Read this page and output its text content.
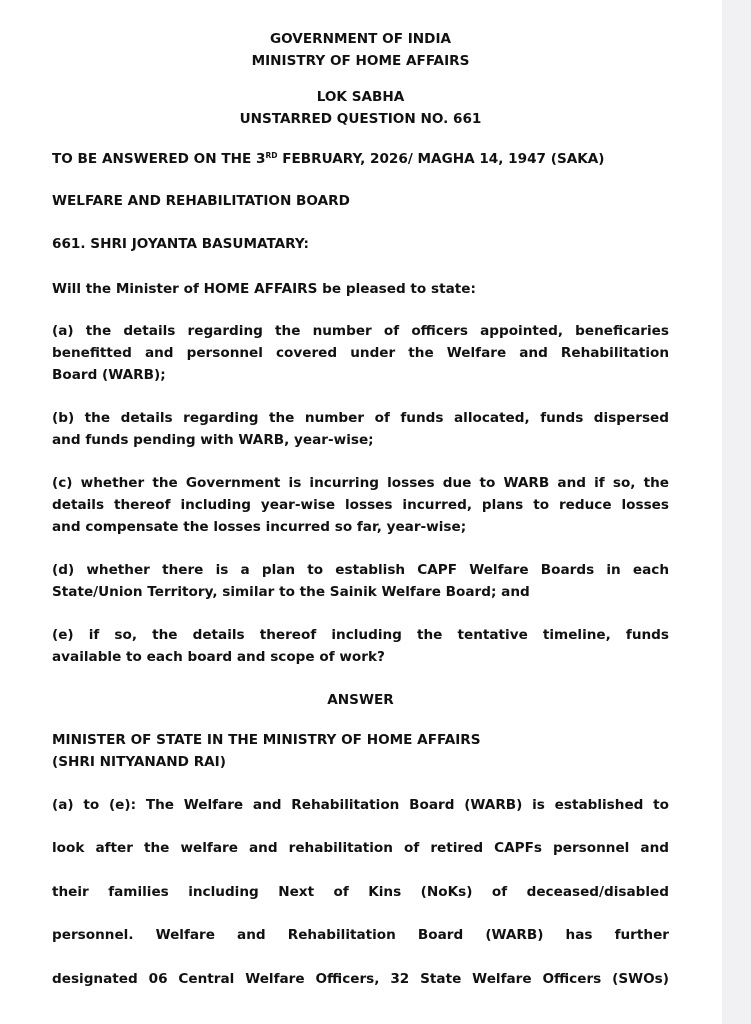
GOVERNMENT OF INDIA
MINISTRY OF HOME AFFAIRS
LOK SABHA
UNSTARRED QUESTION NO. 661
TO BE ANSWERED ON THE 3RD FEBRUARY, 2026/ MAGHA 14, 1947 (SAKA)
WELFARE AND REHABILITATION BOARD
661. SHRI JOYANTA BASUMATARY:
Will the Minister of HOME AFFAIRS be pleased to state:
(a) the details regarding the number of officers appointed, beneficaries
benefitted and personnel covered under the Welfare and Rehabilitation
Board (WARB);
(b) the details regarding the number of funds allocated, funds dispersed
and funds pending with WARB, year-wise;
(c) whether the Government is incurring losses due to WARB and if so, the
details thereof including year-wise losses incurred, plans to reduce losses
and compensate the losses incurred so far, year-wise;
(d) whether there is a plan to establish CAPF Welfare Boards in each
State/Union Territory, similar to the Sainik Welfare Board; and
(e) if so, the details thereof including the tentative timeline, funds
available to each board and scope of work?
ANSWER
MINISTER OF STATE IN THE MINISTRY OF HOME AFFAIRS
(SHRI NITYANAND RAI)
(a) to (e): The Welfare and Rehabilitation Board (WARB) is established to
look after the welfare and rehabilitation of retired CAPFs personnel and
their families including Next of Kins (NoKs) of deceased/disabled
personnel. Welfare and Rehabilitation Board (WARB) has further
designated 06 Central Welfare Officers, 32 State Welfare Officers (SWOs)
